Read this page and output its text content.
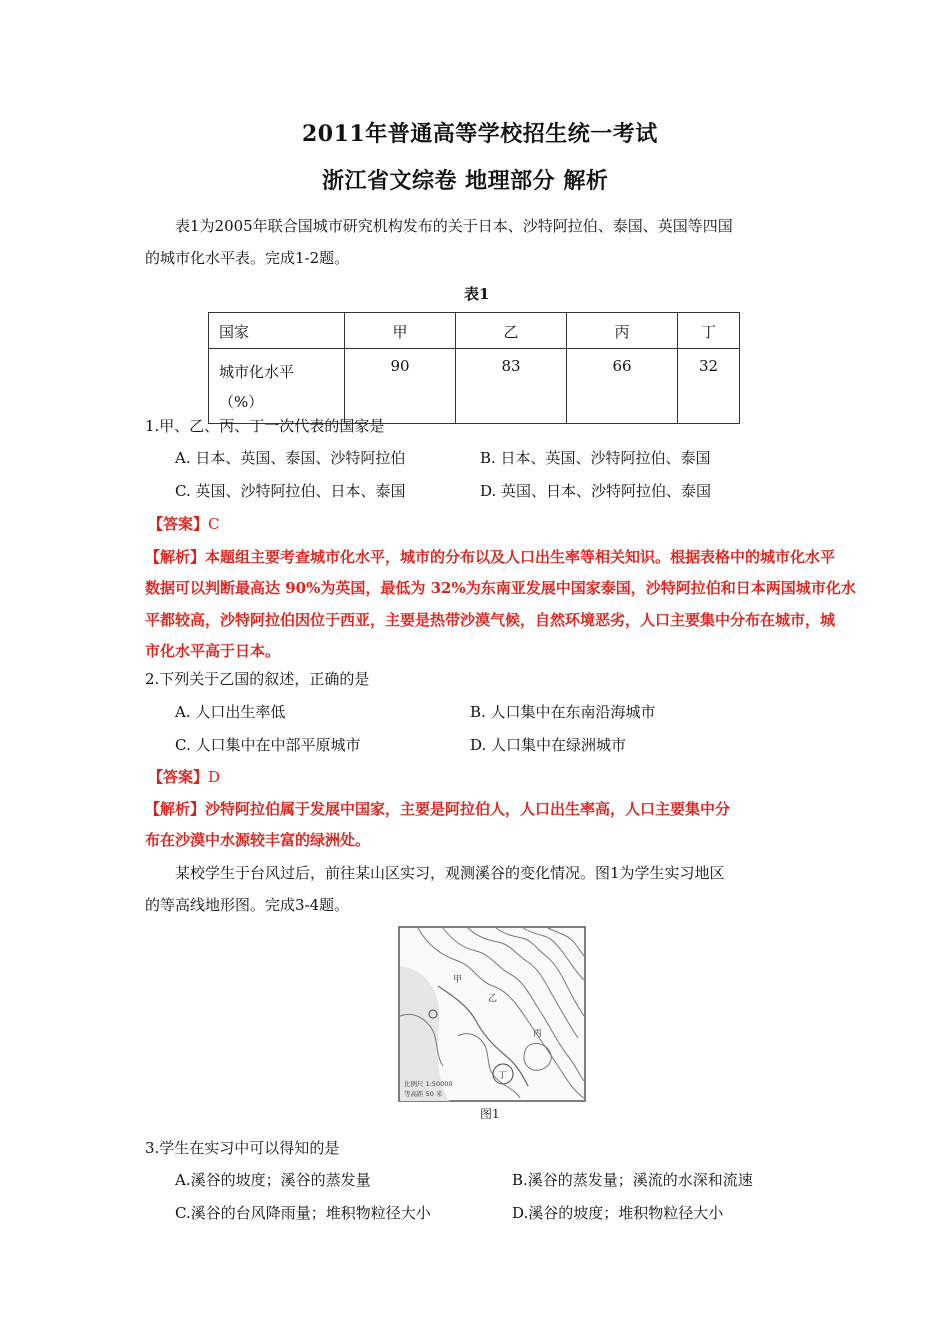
2011年普通高等学校招生统一考试
浙江省文综卷 地理部分 解析
表1为2005年联合国城市研究机构发布的关于日本、沙特阿拉伯、泰国、英国等四国
的城市化水平表。完成1-2题。
表1
国家	甲	乙	丙	丁

城市化水平
（%）	90	83	66	32
1.甲、乙、丙、丁一次代表的国家是
A. 日本、英国、泰国、沙特阿拉伯	B. 日本、英国、沙特阿拉伯、泰国
C. 英国、沙特阿拉伯、日本、泰国	D. 英国、日本、沙特阿拉伯、泰国
【答案】C
【解析】本题组主要考查城市化水平，城市的分布以及人口出生率等相关知识。根据表格中的城市化水平
数据可以判断最高达 90%为英国，最低为 32%为东南亚发展中国家泰国，沙特阿拉伯和日本两国城市化水
平都较高，沙特阿拉伯因位于西亚，主要是热带沙漠气候，自然环境恶劣，人口主要集中分布在城市，城
市化水平高于日本。
2.下列关于乙国的叙述，正确的是
A. 人口出生率低	B. 人口集中在东南沿海城市
C. 人口集中在中部平原城市	D. 人口集中在绿洲城市
【答案】D
【解析】沙特阿拉伯属于发展中国家，主要是阿拉伯人，人口出生率高，人口主要集中分
布在沙漠中水源较丰富的绿洲处。
某校学生于台风过后，前往某山区实习，观测溪谷的变化情况。图1为学生实习地区
的等高线地形图。完成3-4题。
甲
乙
丙
丁
比例尺 1:50000
等高距 50 米
图1
3.学生在实习中可以得知的是
A.溪谷的坡度；溪谷的蒸发量	B.溪谷的蒸发量；溪流的水深和流速
C.溪谷的台风降雨量；堆积物粒径大小	D.溪谷的坡度；堆积物粒径大小
